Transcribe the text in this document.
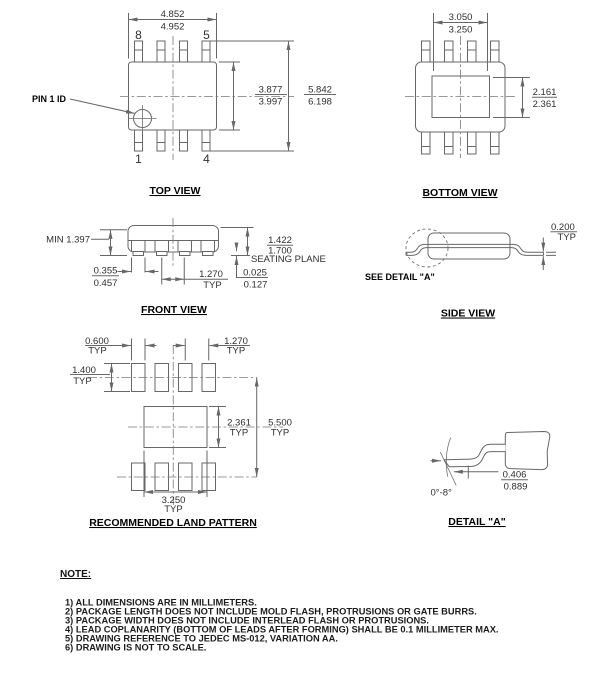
PIN 1 ID
8	5
1	4
4.852
4.952
3.877
3.997
5.842
6.198
TOP VIEW
3.050
3.250
2.161
2.361
BOTTOM VIEW
MIN 1.397	1.422
1.700
SEATING PLANE
0.025
0.127
0.355
0.457
1.270
TYP
FRONT VIEW
0.200
TYP
SEE DETAIL "A"
SIDE VIEW
0.600
TYP
1.270
TYP
1.400
TYP
2.361
TYP
5.500
TYP
3.250
TYP
RECOMMENDED LAND PATTERN
0.406
0.889
0°-8°
DETAIL "A"
NOTE:
1) ALL DIMENSIONS ARE IN MILLIMETERS.
2) PACKAGE LENGTH DOES NOT INCLUDE MOLD FLASH, PROTRUSIONS OR GATE BURRS.
3) PACKAGE WIDTH DOES NOT INCLUDE INTERLEAD FLASH OR PROTRUSIONS.
4) LEAD COPLANARITY (BOTTOM OF LEADS AFTER FORMING) SHALL BE 0.1 MILLIMETER MAX.
5) DRAWING REFERENCE TO JEDEC MS-012, VARIATION AA.
6) DRAWING IS NOT TO SCALE.
